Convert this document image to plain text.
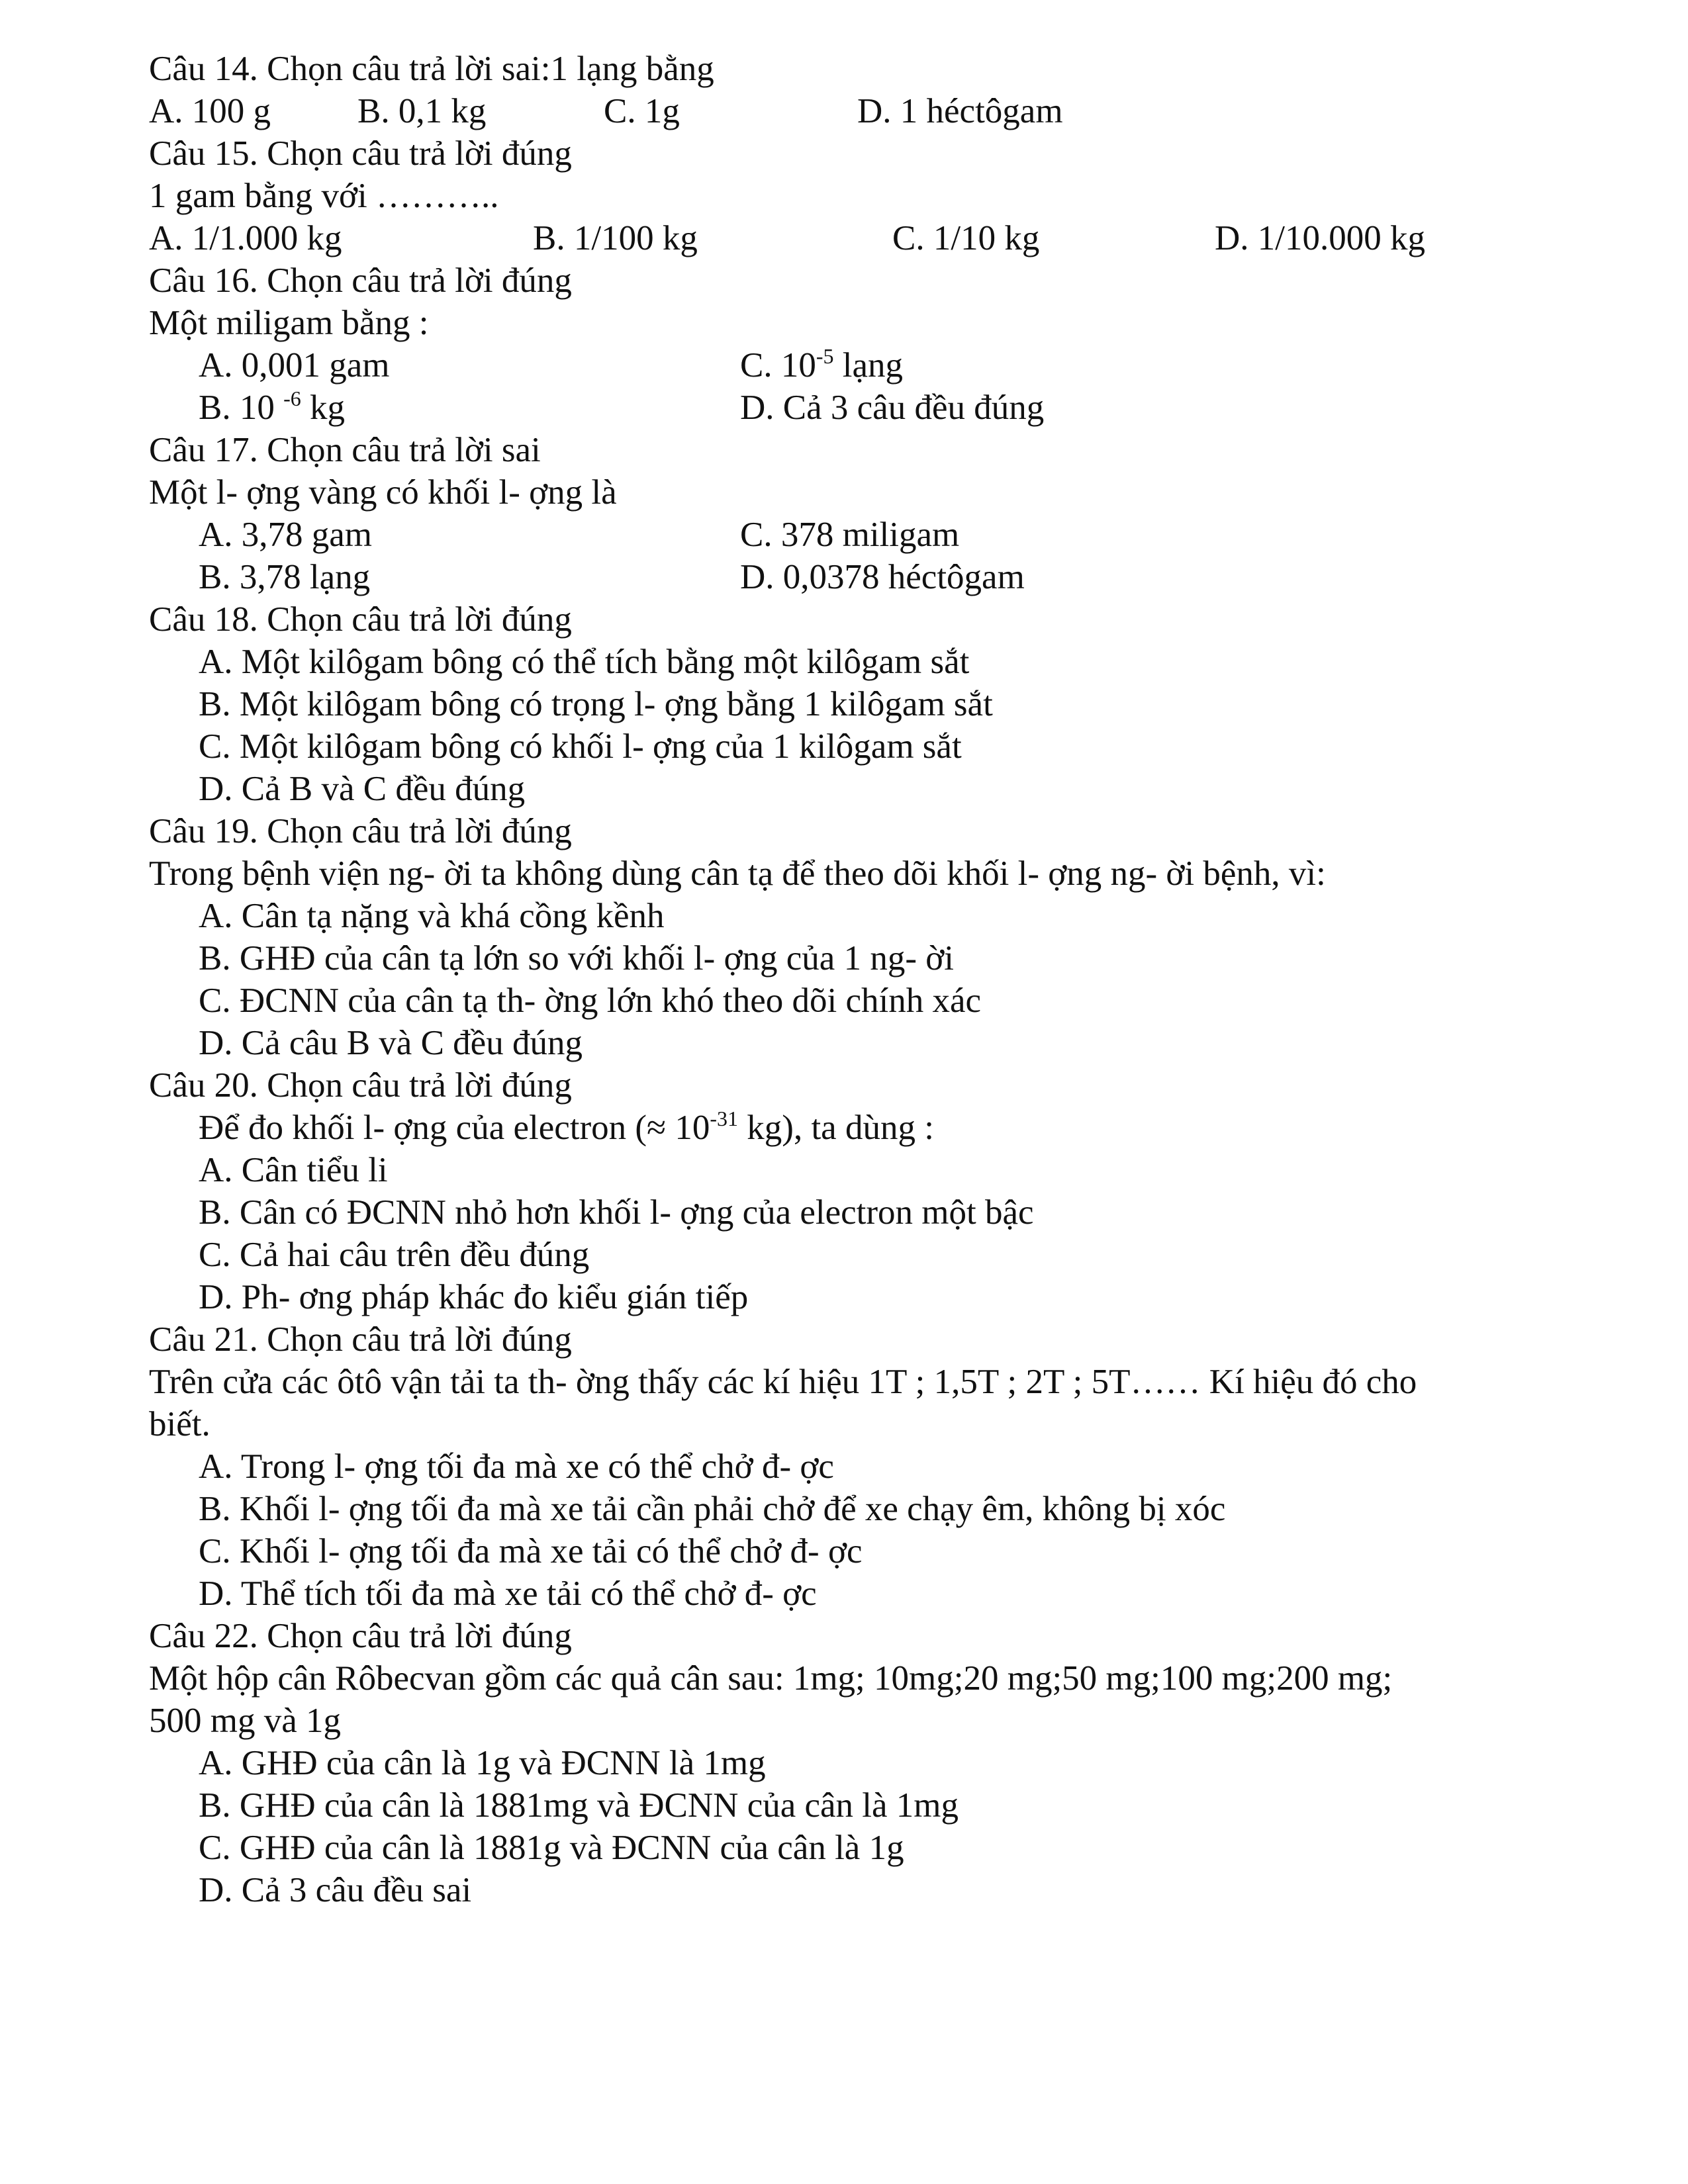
Câu 14. Chọn câu trả lời sai:1 lạng bằng
A. 100 g B. 0,1 kg	C. 1g	D. 1 héctôgam
Câu 15. Chọn câu trả lời đúng
1 gam bằng với ………..
A. 1/1.000 kg	B. 1/100 kg	C. 1/10 kg	D. 1/10.000 kg
Câu 16. Chọn câu trả lời đúng
Một miligam bằng :
A. 0,001 gam	C. $10^{-5}$ lạng
B. 10 $^{-6}$ kg	D. Cả 3 câu đều đúng
Câu 17. Chọn câu trả lời sai
Một l- ợng vàng có khối l- ợng là
A. 3,78 gam	C. 378 miligam
B. 3,78 lạng	D. 0,0378 héctôgam
Câu 18. Chọn câu trả lời đúng
A. Một kilôgam bông có thể tích bằng một kilôgam sắt
B. Một kilôgam bông có trọng l- ợng bằng 1 kilôgam sắt
C. Một kilôgam bông có khối l- ợng của 1 kilôgam sắt
D. Cả B và C đều đúng
Câu 19. Chọn câu trả lời đúng
Trong bệnh viện ng- ời ta không dùng cân tạ để theo dõi khối l- ợng ng- ời bệnh, vì:
A. Cân tạ nặng và khá cồng kềnh
B. GHĐ của cân tạ lớn so với khối l- ợng của 1 ng- ời
C. ĐCNN của cân tạ th- ờng lớn khó theo dõi chính xác
D. Cả câu B và C đều đúng
Câu 20. Chọn câu trả lời đúng
Để đo khối l- ợng của electron (≈ $10^{-31}$ kg), ta dùng :
A. Cân tiểu li
B. Cân có ĐCNN nhỏ hơn khối l- ợng của electron một bậc
C. Cả hai câu trên đều đúng
D. Ph- ơng pháp khác đo kiểu gián tiếp
Câu 21. Chọn câu trả lời đúng
Trên cửa các ôtô vận tải ta th- ờng thấy các kí hiệu 1T ; 1,5T ; 2T ; 5T…… Kí hiệu đó cho
biết.
A. Trong l- ợng tối đa mà xe có thể chở đ- ợc
B. Khối l- ợng tối đa mà xe tải cần phải chở để xe chạy êm, không bị xóc
C. Khối l- ợng tối đa mà xe tải có thể chở đ- ợc
D. Thể tích tối đa mà xe tải có thể chở đ- ợc
Câu 22. Chọn câu trả lời đúng
Một hộp cân Rôbecvan gồm các quả cân sau: 1mg; 10mg;20 mg;50 mg;100 mg;200 mg;
500 mg và 1g
A. GHĐ của cân là 1g và ĐCNN là 1mg
B. GHĐ của cân là 1881mg và ĐCNN của cân là 1mg
C. GHĐ của cân là 1881g và ĐCNN của cân là 1g
D. Cả 3 câu đều sai
